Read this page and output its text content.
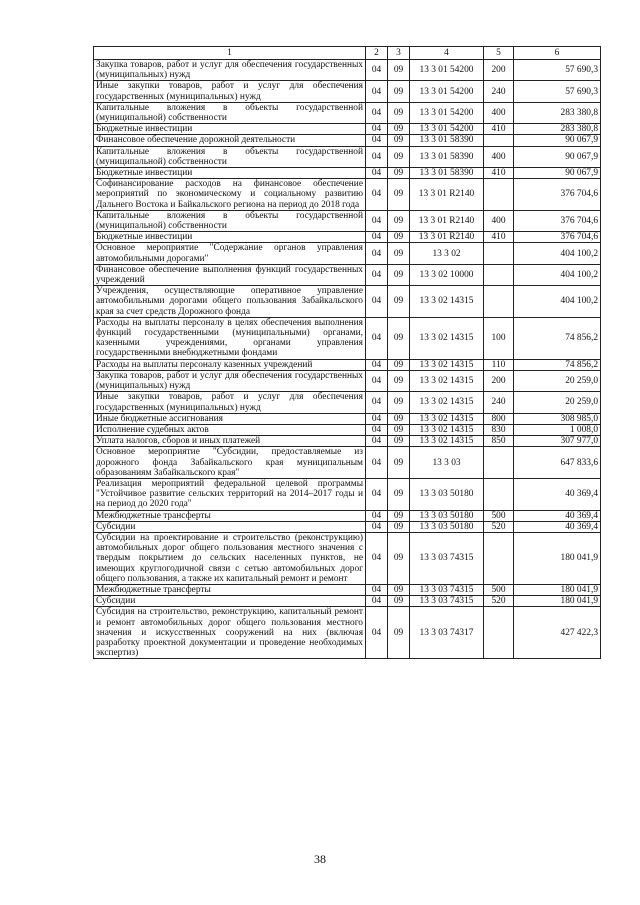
1	2	3	4	5	6
Закупка товаров, работ и услуг для обеспечения государственных (муниципальных) нужд	04	09	13 3 01 54200	200	57 690,3
Иные закупки товаров, работ и услуг для обеспечения государственных (муниципальных) нужд	04	09	13 3 01 54200	240	57 690,3
Капитальные вложения в объекты государственной (муниципальной) собственности	04	09	13 3 01 54200	400	283 380,8
Бюджетные инвестиции	04	09	13 3 01 54200	410	283 380,8
Финансовое обеспечение дорожной деятельности	04	09	13 3 01 58390		90 067,9
Капитальные вложения в объекты государственной (муниципальной) собственности	04	09	13 3 01 58390	400	90 067,9
Бюджетные инвестиции	04	09	13 3 01 58390	410	90 067,9
Софинансирование расходов на финансовое обеспечение мероприятий по экономическому и социальному развитию Дальнего Востока и Байкальского региона на период до 2018 года	04	09	13 3 01 R2140		376 704,6
Капитальные вложения в объекты государственной (муниципальной) собственности	04	09	13 3 01 R2140	400	376 704,6
Бюджетные инвестиции	04	09	13 3 01 R2140	410	376 704,6
Основное мероприятие "Содержание органов управления автомобильными дорогами"	04	09	13 3 02		404 100,2
Финансовое обеспечение выполнения функций государственных учреждений	04	09	13 3 02 10000		404 100,2
Учреждения, осуществляющие оперативное управление автомобильными дорогами общего пользования Забайкальского края за счет средств Дорожного фонда	04	09	13 3 02 14315		404 100,2
Расходы на выплаты персоналу в целях обеспечения выполнения функций государственными (муниципальными) органами, казенными учреждениями, органами управления государственными внебюджетными фондами	04	09	13 3 02 14315	100	74 856,2
Расходы на выплаты персоналу казенных учреждений	04	09	13 3 02 14315	110	74 856,2
Закупка товаров, работ и услуг для обеспечения государственных (муниципальных) нужд	04	09	13 3 02 14315	200	20 259,0
Иные закупки товаров, работ и услуг для обеспечения государственных (муниципальных) нужд	04	09	13 3 02 14315	240	20 259,0
Иные бюджетные ассигнования	04	09	13 3 02 14315	800	308 985,0
Исполнение судебных актов	04	09	13 3 02 14315	830	1 008,0
Уплата налогов, сборов и иных платежей	04	09	13 3 02 14315	850	307 977,0
Основное мероприятие "Субсидии, предоставляемые из дорожного фонда Забайкальского края муниципальным образованиям Забайкальского края"	04	09	13 3 03		647 833,6
Реализация мероприятий федеральной целевой программы "Устойчивое развитие сельских территорий на 2014–2017 годы и на период до 2020 года"	04	09	13 3 03 50180		40 369,4
Межбюджетные трансферты	04	09	13 3 03 50180	500	40 369,4
Субсидии	04	09	13 3 03 50180	520	40 369,4
Субсидии на проектирование и строительство (реконструкцию) автомобильных дорог общего пользования местного значения с твердым покрытием до сельских населенных пунктов, не имеющих круглогодичной связи с сетью автомобильных дорог общего пользования, а также их капитальный ремонт и ремонт	04	09	13 3 03 74315		180 041,9
Межбюджетные трансферты	04	09	13 3 03 74315	500	180 041,9
Субсидии	04	09	13 3 03 74315	520	180 041,9
Субсидия на строительство, реконструкцию, капитальный ремонт и ремонт автомобильных дорог общего пользования местного значения и искусственных сооружений на них (включая разработку проектной документации и проведение необходимых экспертиз)	04	09	13 3 03 74317		427 422,3
38
